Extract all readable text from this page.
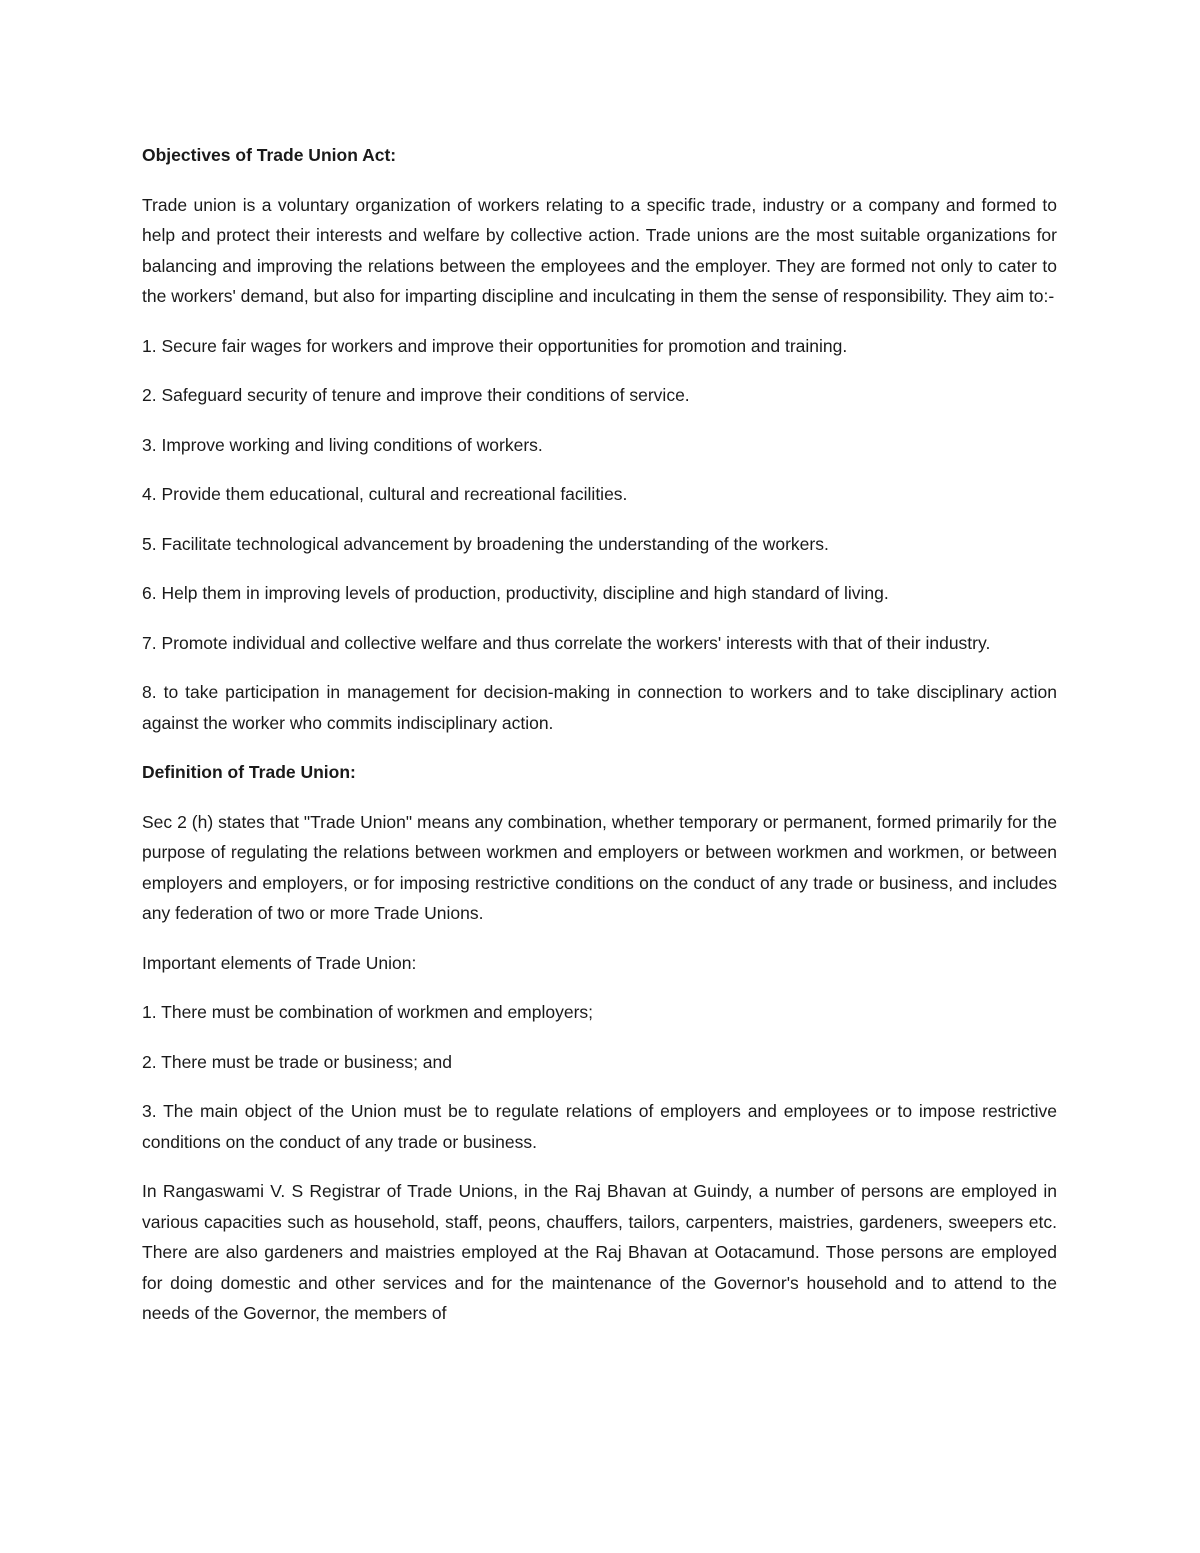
Objectives of Trade Union Act:

Trade union is a voluntary organization of workers relating to a specific trade, industry or a company and formed to help and protect their interests and welfare by collective action. Trade unions are the most suitable organizations for balancing and improving the relations between the employees and the employer. They are formed not only to cater to the workers' demand, but also for imparting discipline and inculcating in them the sense of responsibility. They aim to:-

1. Secure fair wages for workers and improve their opportunities for promotion and training.

2. Safeguard security of tenure and improve their conditions of service.

3. Improve working and living conditions of workers.

4. Provide them educational, cultural and recreational facilities.

5. Facilitate technological advancement by broadening the understanding of the workers.

6. Help them in improving levels of production, productivity, discipline and high standard of living.

7. Promote individual and collective welfare and thus correlate the workers' interests with that of their industry.

8. to take participation in management for decision-making in connection to workers and to take disciplinary action against the worker who commits indisciplinary action.

Definition of Trade Union:

Sec 2 (h) states that "Trade Union" means any combination, whether temporary or permanent, formed primarily for the purpose of regulating the relations between workmen and employers or between workmen and workmen, or between employers and employers, or for imposing restrictive conditions on the conduct of any trade or business, and includes any federation of two or more Trade Unions.

Important elements of Trade Union:

1. There must be combination of workmen and employers;

2. There must be trade or business; and

3. The main object of the Union must be to regulate relations of employers and employees or to impose restrictive conditions on the conduct of any trade or business.

In Rangaswami V. S Registrar of Trade Unions, in the Raj Bhavan at Guindy, a number of persons are employed in various capacities such as household, staff, peons, chauffers, tailors, carpenters, maistries, gardeners, sweepers etc. There are also gardeners and maistries employed at the Raj Bhavan at Ootacamund. Those persons are employed for doing domestic and other services and for the maintenance of the Governor's household and to attend to the needs of the Governor, the members of
